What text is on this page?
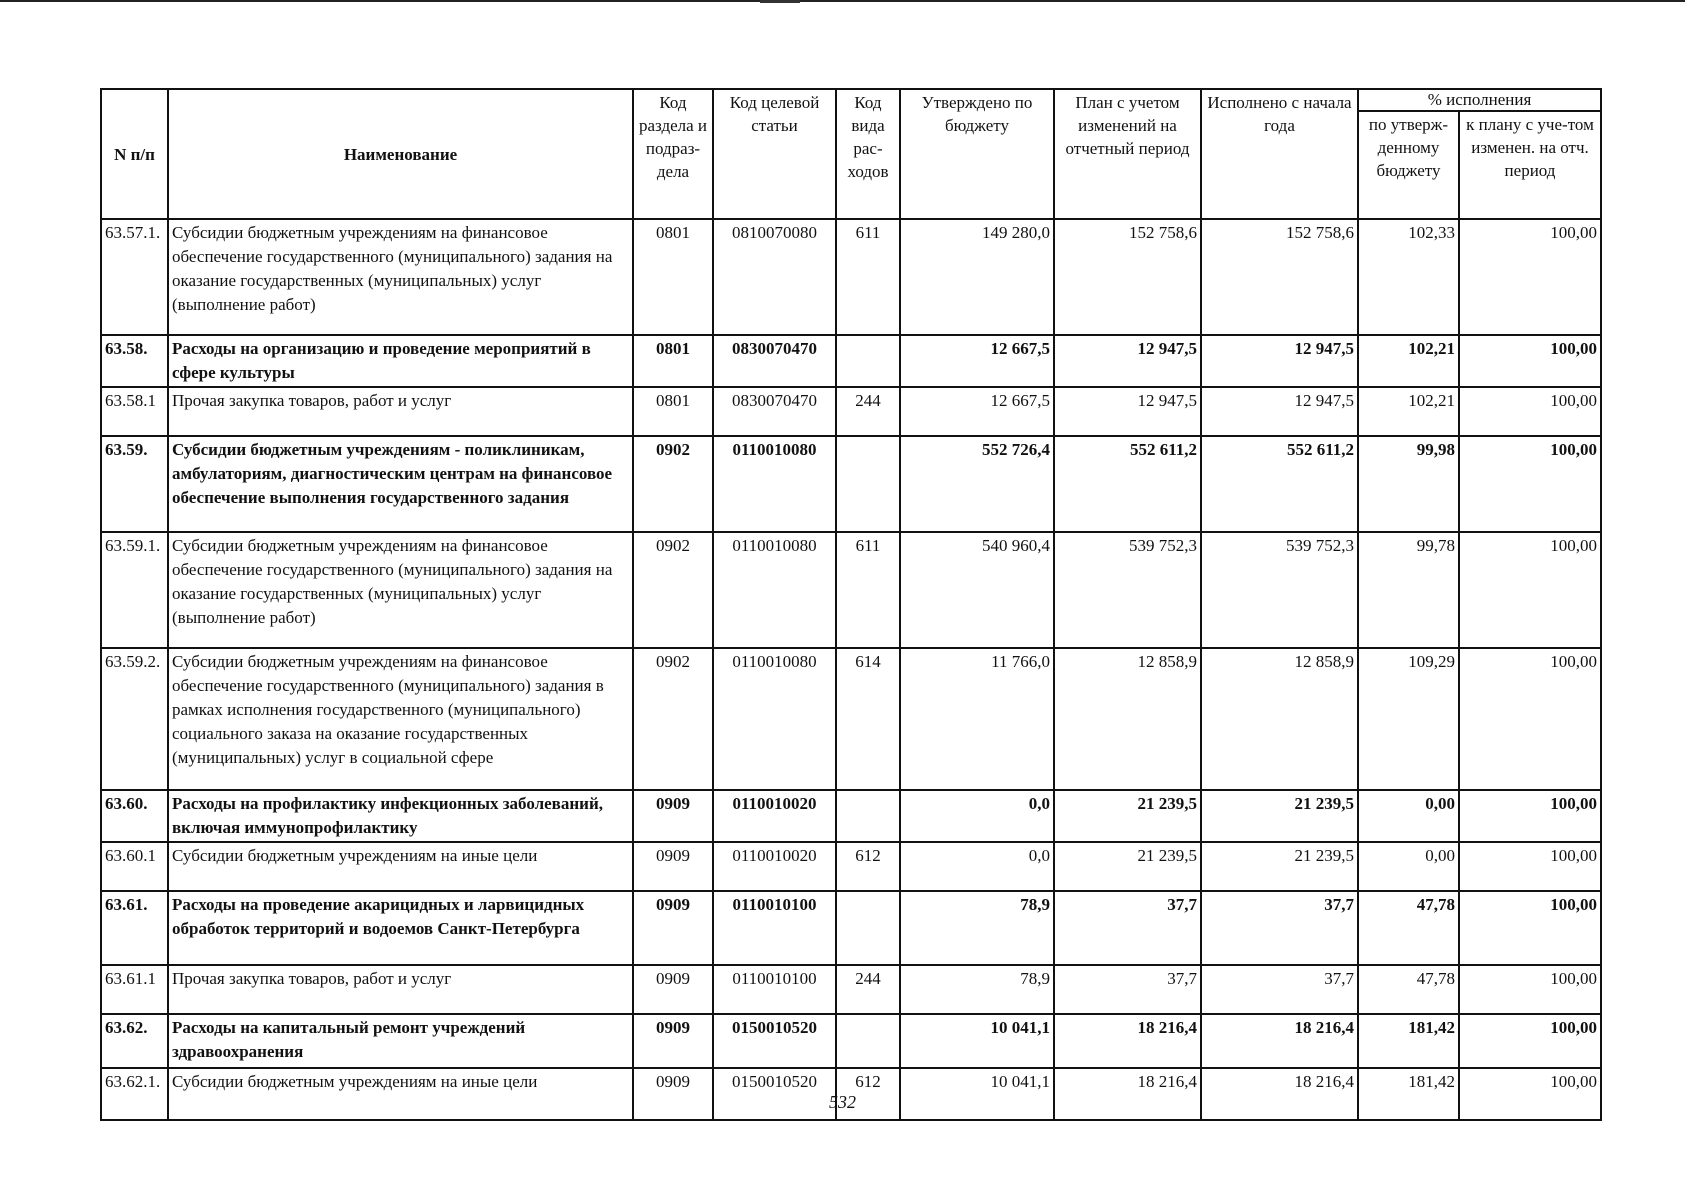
N п/п	Наименование	Код раздела и подраз-дела	Код целевой статьи	Код вида рас-ходов	Утверждено по бюджету	План с учетом изменений на отчетный период	Исполнено с начала года	% исполнения	
								по утверж-денному бюджету	к плану с уче-том изменен. на отч. период
63.57.1.	Субсидии бюджетным учреждениям на финансовое обеспечение государственного (муниципального) задания на оказание государственных (муниципальных) услуг (выполнение работ)	0801	0810070080	611	149 280,0	152 758,6	152 758,6	102,33	100,00
63.58.	Расходы на организацию и проведение мероприятий в сфере культуры	0801	0830070470		12 667,5	12 947,5	12 947,5	102,21	100,00
63.58.1	Прочая закупка товаров, работ и услуг	0801	0830070470	244	12 667,5	12 947,5	12 947,5	102,21	100,00
63.59.	Субсидии бюджетным учреждениям - поликлиникам, амбулаториям, диагностическим центрам на финансовое обеспечение выполнения государственного задания	0902	0110010080		552 726,4	552 611,2	552 611,2	99,98	100,00
63.59.1.	Субсидии бюджетным учреждениям на финансовое обеспечение государственного (муниципального) задания на оказание государственных (муниципальных) услуг (выполнение работ)	0902	0110010080	611	540 960,4	539 752,3	539 752,3	99,78	100,00
63.59.2.	Субсидии бюджетным учреждениям на финансовое обеспечение государственного (муниципального) задания в рамках исполнения государственного (муниципального) социального заказа на оказание государственных (муниципальных) услуг в социальной сфере	0902	0110010080	614	11 766,0	12 858,9	12 858,9	109,29	100,00
63.60.	Расходы на профилактику инфекционных заболеваний, включая иммунопрофилактику	0909	0110010020		0,0	21 239,5	21 239,5	0,00	100,00
63.60.1	Субсидии бюджетным учреждениям на иные цели	0909	0110010020	612	0,0	21 239,5	21 239,5	0,00	100,00
63.61.	Расходы на проведение акарицидных и ларвицидных обработок территорий и водоемов Санкт-Петербурга	0909	0110010100		78,9	37,7	37,7	47,78	100,00
63.61.1	Прочая закупка товаров, работ и услуг	0909	0110010100	244	78,9	37,7	37,7	47,78	100,00
63.62.	Расходы на капитальный ремонт учреждений здравоохранения	0909	0150010520		10 041,1	18 216,4	18 216,4	181,42	100,00
63.62.1.	Субсидии бюджетным учреждениям на иные цели	0909	0150010520	612	10 041,1	18 216,4	18 216,4	181,42	100,00
532
